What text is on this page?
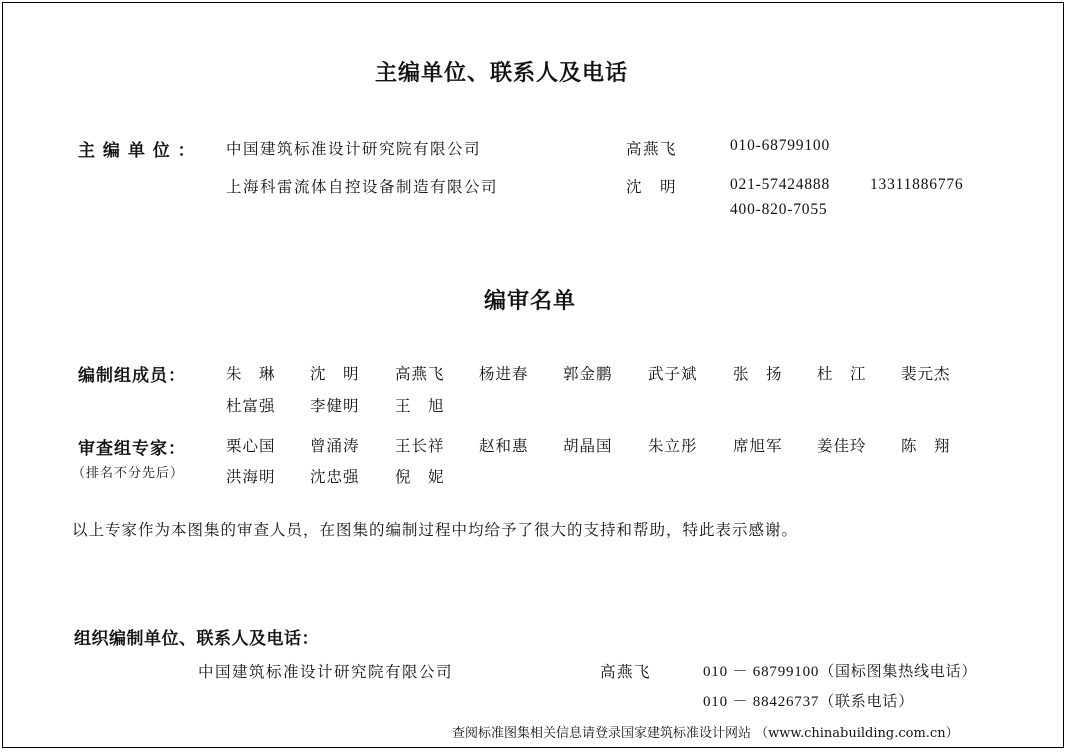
主编单位、联系人及电话
主 编 单 位 ： 中国建筑标准设计研究院有限公司	高燕飞	010-68799100
上海科雷流体自控设备制造有限公司	沈　明	021-57424888	13311886776
400-820-7055
编审名单
编制组成员：	朱　琳 沈　明 高燕飞 杨进春 郭金鹏 武子斌 张　扬 杜　江 裴元杰
杜富强 李健明 王　旭
审查组专家：
（排名不分先后）
栗心国 曾涌涛 王长祥 赵和惠 胡晶国 朱立彤 席旭军 姜佳玲 陈　翔
洪海明 沈忠强 倪　妮
以上专家作为本图集的审查人员，在图集的编制过程中均给予了很大的支持和帮助，特此表示感谢。
组织编制单位、联系人及电话：
中国建筑标准设计研究院有限公司	高燕飞	010 － 68799100（国标图集热线电话）
010 － 88426737（联系电话）
查阅标准图集相关信息请登录国家建筑标准设计网站 （www.chinabuilding.com.cn）
